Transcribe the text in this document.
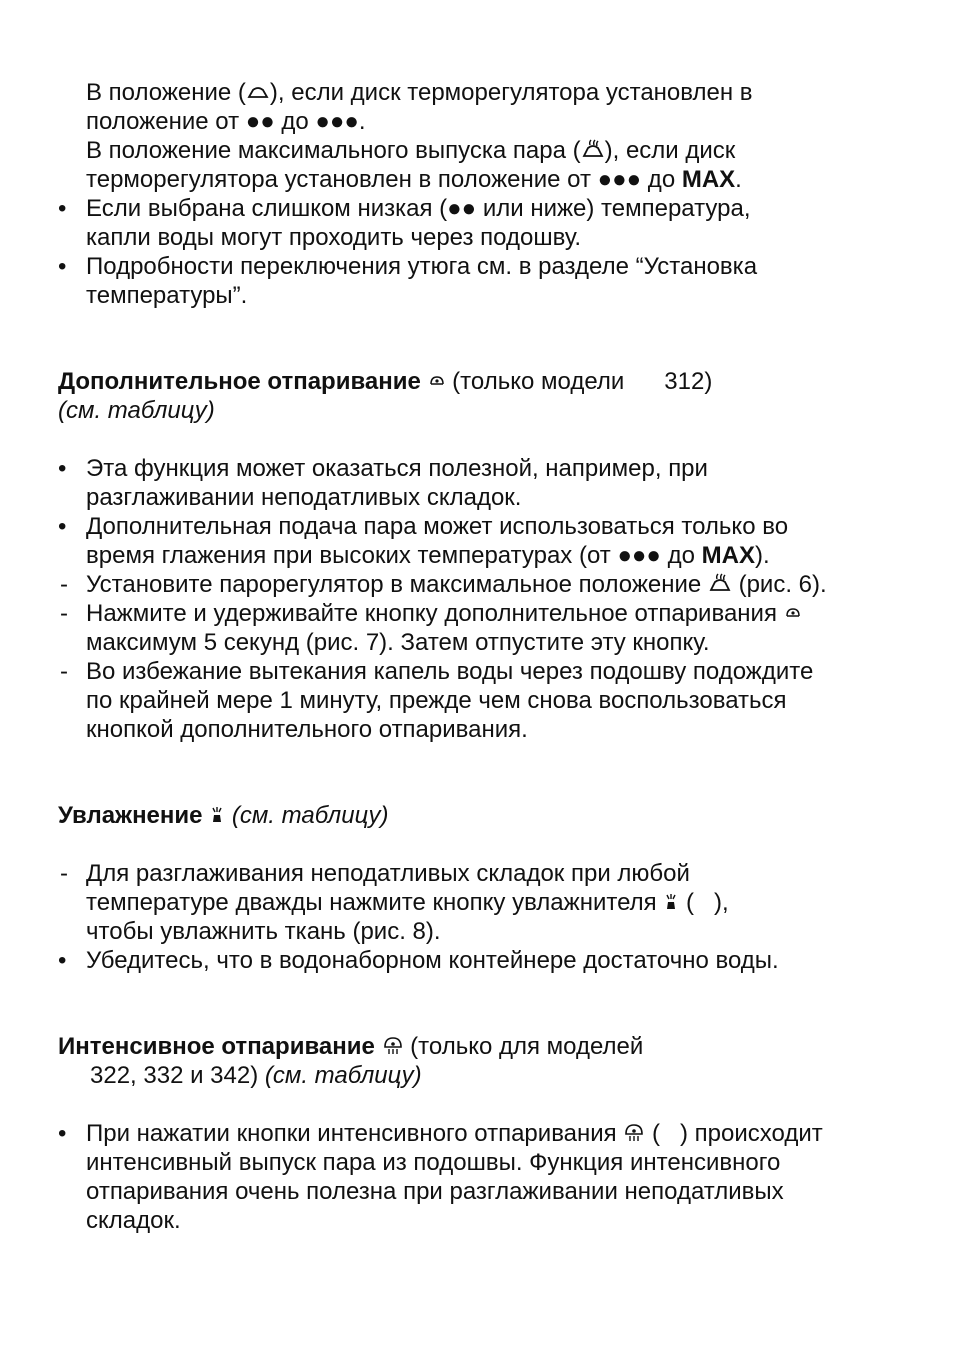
В положение ( ), если диск терморегулятора установлен в
положение от ●● до ●●●.
В положение максимального выпуска пара ( ), если диск
терморегулятора установлен в положение от ●●● до MAX.
• Если выбрана слишком низкая (●● или ниже) температура,
капли воды могут проходить через подошву.
• Подробности переключения утюга см. в разделе “Установка
температуры”.
Дополнительное отпаривание
(только модели 312)
(см. таблицу)
• Эта функция может оказаться полезной, например, при
разглаживании неподатливых складок.
• Дополнительная подача пара может использоваться только во
время глажения при высоких температурах (от ●●● до MAX).
- Установите парорегулятор в максимальное положение
(рис. 6).
- Нажмите и удерживайте кнопку дополнительное отпаривания
максимум 5 секунд (рис. 7). Затем отпустите эту кнопку.
- Во избежание вытекания капель воды через подошву подождите
по крайней мере 1 минуту, прежде чем снова воспользоваться
кнопкой дополнительного отпаривания.
Увлажнение (см. таблицу)
- Для разглаживания неподатливых складок при любой
температуре дважды нажмите кнопку увлажнителя
(   ),
чтобы увлажнить ткань (рис. 8).
• Убедитесь, что в водонаборном контейнере достаточно воды.
Интенсивное отпаривание
(только для моделей
322, 332 и 342) (см. таблицу)
• При нажатии кнопки интенсивного отпаривания
(   ) происходит
интенсивный выпуск пара из подошвы. Функция интенсивного
отпаривания очень полезна при разглаживании неподатливых
складок.
